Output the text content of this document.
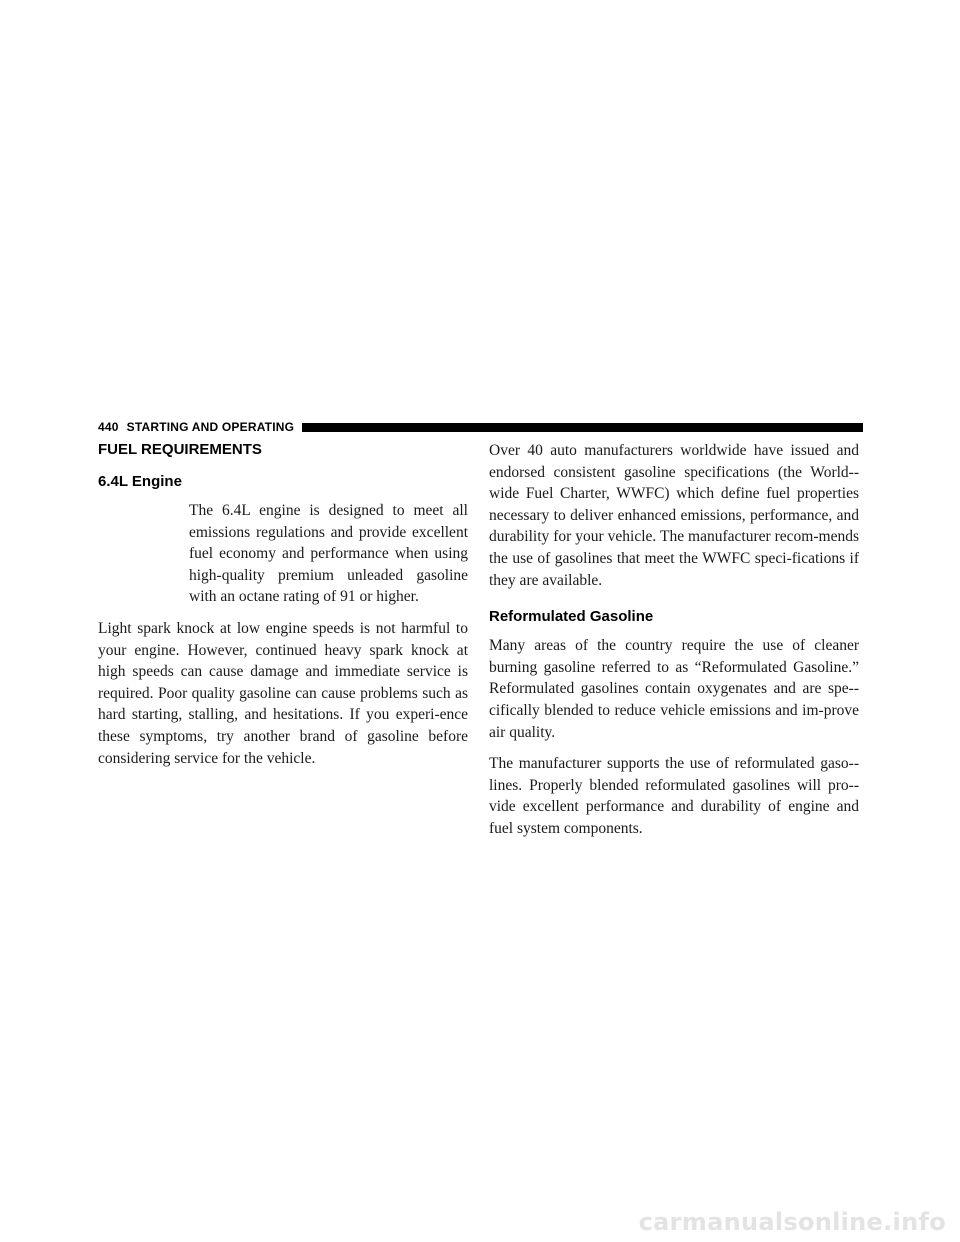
440 STARTING AND OPERATING
FUEL REQUIREMENTS
6.4L Engine

The 6.4L engine is designed to meet all emissions regulations and provide excellent fuel economy and performance when using high-quality premium unleaded gasoline with an octane rating of 91 or higher.

Light spark knock at low engine speeds is not harmful to your engine. However, continued heavy spark knock at high speeds can cause damage and immediate service is required. Poor quality gasoline can cause problems such as hard starting, stalling, and hesitations. If you experi-ence these symptoms, try another brand of gasoline before considering service for the vehicle.

Over 40 auto manufacturers worldwide have issued and endorsed consistent gasoline specifications (the World-wide Fuel Charter, WWFC) which define fuel properties necessary to deliver enhanced emissions, performance, and durability for your vehicle. The manufacturer recom-mends the use of gasolines that meet the WWFC speci-fications if they are available.

Reformulated Gasoline

Many areas of the country require the use of cleaner burning gasoline referred to as “Reformulated Gasoline.” Reformulated gasolines contain oxygenates and are spe-cifically blended to reduce vehicle emissions and im-prove air quality.

The manufacturer supports the use of reformulated gaso-lines. Properly blended reformulated gasolines will pro-vide excellent performance and durability of engine and fuel system components.

carmanualsonline.info
